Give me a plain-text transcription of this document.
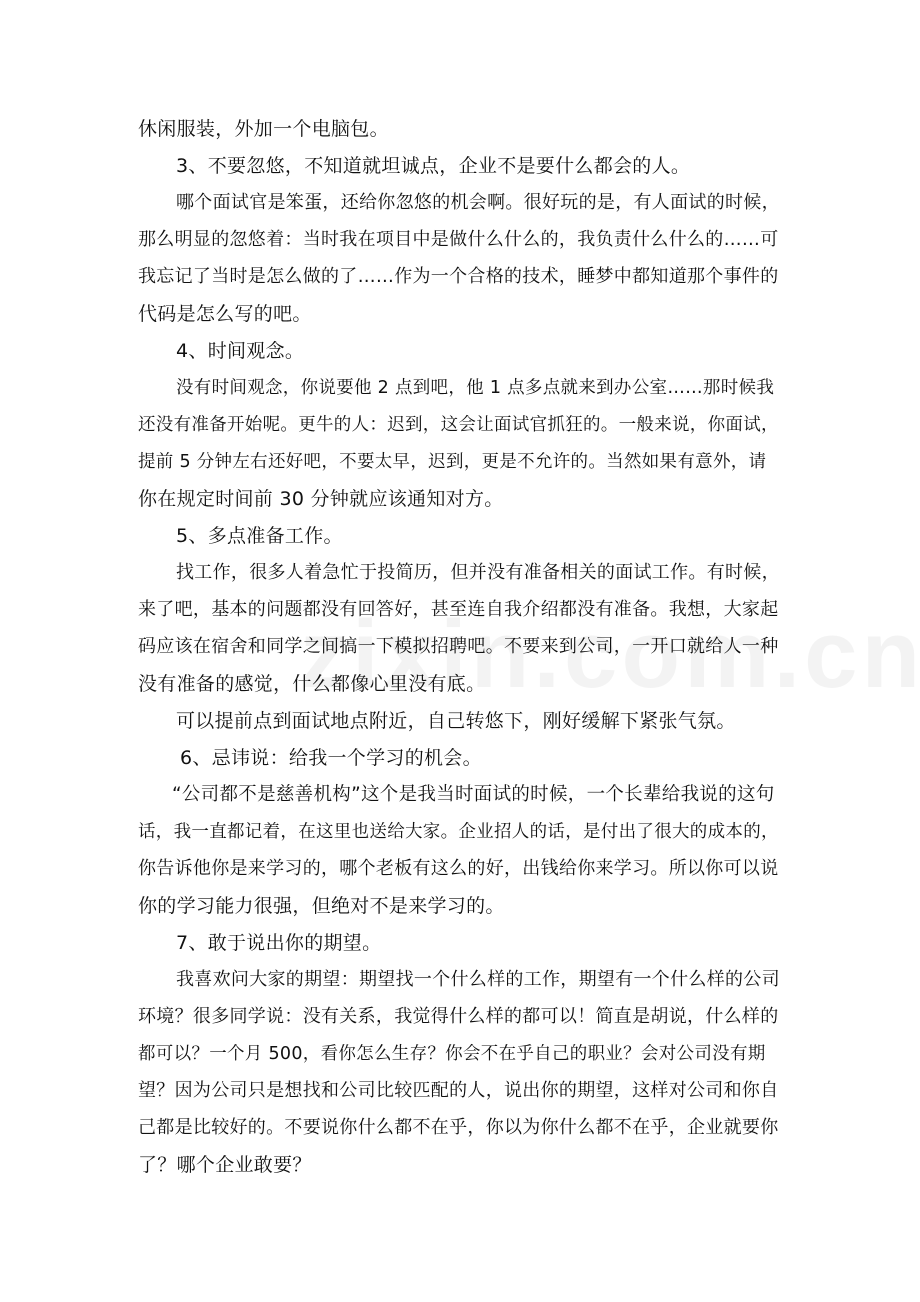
休闲服装，外加一个电脑包。
3、不要忽悠，不知道就坦诚点，企业不是要什么都会的人。
哪个面试官是笨蛋，还给你忽悠的机会啊。很好玩的是，有人面试的时候，
那么明显的忽悠着：当时我在项目中是做什么什么的，我负责什么什么的……可
我忘记了当时是怎么做的了……作为一个合格的技术，睡梦中都知道那个事件的
代码是怎么写的吧。
4、时间观念。
没有时间观念，你说要他 2 点到吧，他 1 点多点就来到办公室……那时候我
还没有准备开始呢。更牛的人：迟到，这会让面试官抓狂的。一般来说，你面试，
提前 5 分钟左右还好吧，不要太早，迟到，更是不允许的。当然如果有意外，请
你在规定时间前 30 分钟就应该通知对方。
5、多点准备工作。
找工作，很多人着急忙于投简历，但并没有准备相关的面试工作。有时候，
来了吧，基本的问题都没有回答好，甚至连自我介绍都没有准备。我想，大家起
码应该在宿舍和同学之间搞一下模拟招聘吧。不要来到公司，一开口就给人一种
没有准备的感觉，什么都像心里没有底。
可以提前点到面试地点附近，自己转悠下，刚好缓解下紧张气氛。
6、忌讳说：给我一个学习的机会。
“公司都不是慈善机构”这个是我当时面试的时候，一个长辈给我说的这句
话，我一直都记着，在这里也送给大家。企业招人的话，是付出了很大的成本的，
你告诉他你是来学习的，哪个老板有这么的好，出钱给你来学习。所以你可以说
你的学习能力很强，但绝对不是来学习的。
7、敢于说出你的期望。
我喜欢问大家的期望：期望找一个什么样的工作，期望有一个什么样的公司
环境？很多同学说：没有关系，我觉得什么样的都可以！简直是胡说，什么样的
都可以？一个月 500，看你怎么生存？你会不在乎自己的职业？会对公司没有期
望？因为公司只是想找和公司比较匹配的人，说出你的期望，这样对公司和你自
己都是比较好的。不要说你什么都不在乎，你以为你什么都不在乎，企业就要你
了？哪个企业敢要？
